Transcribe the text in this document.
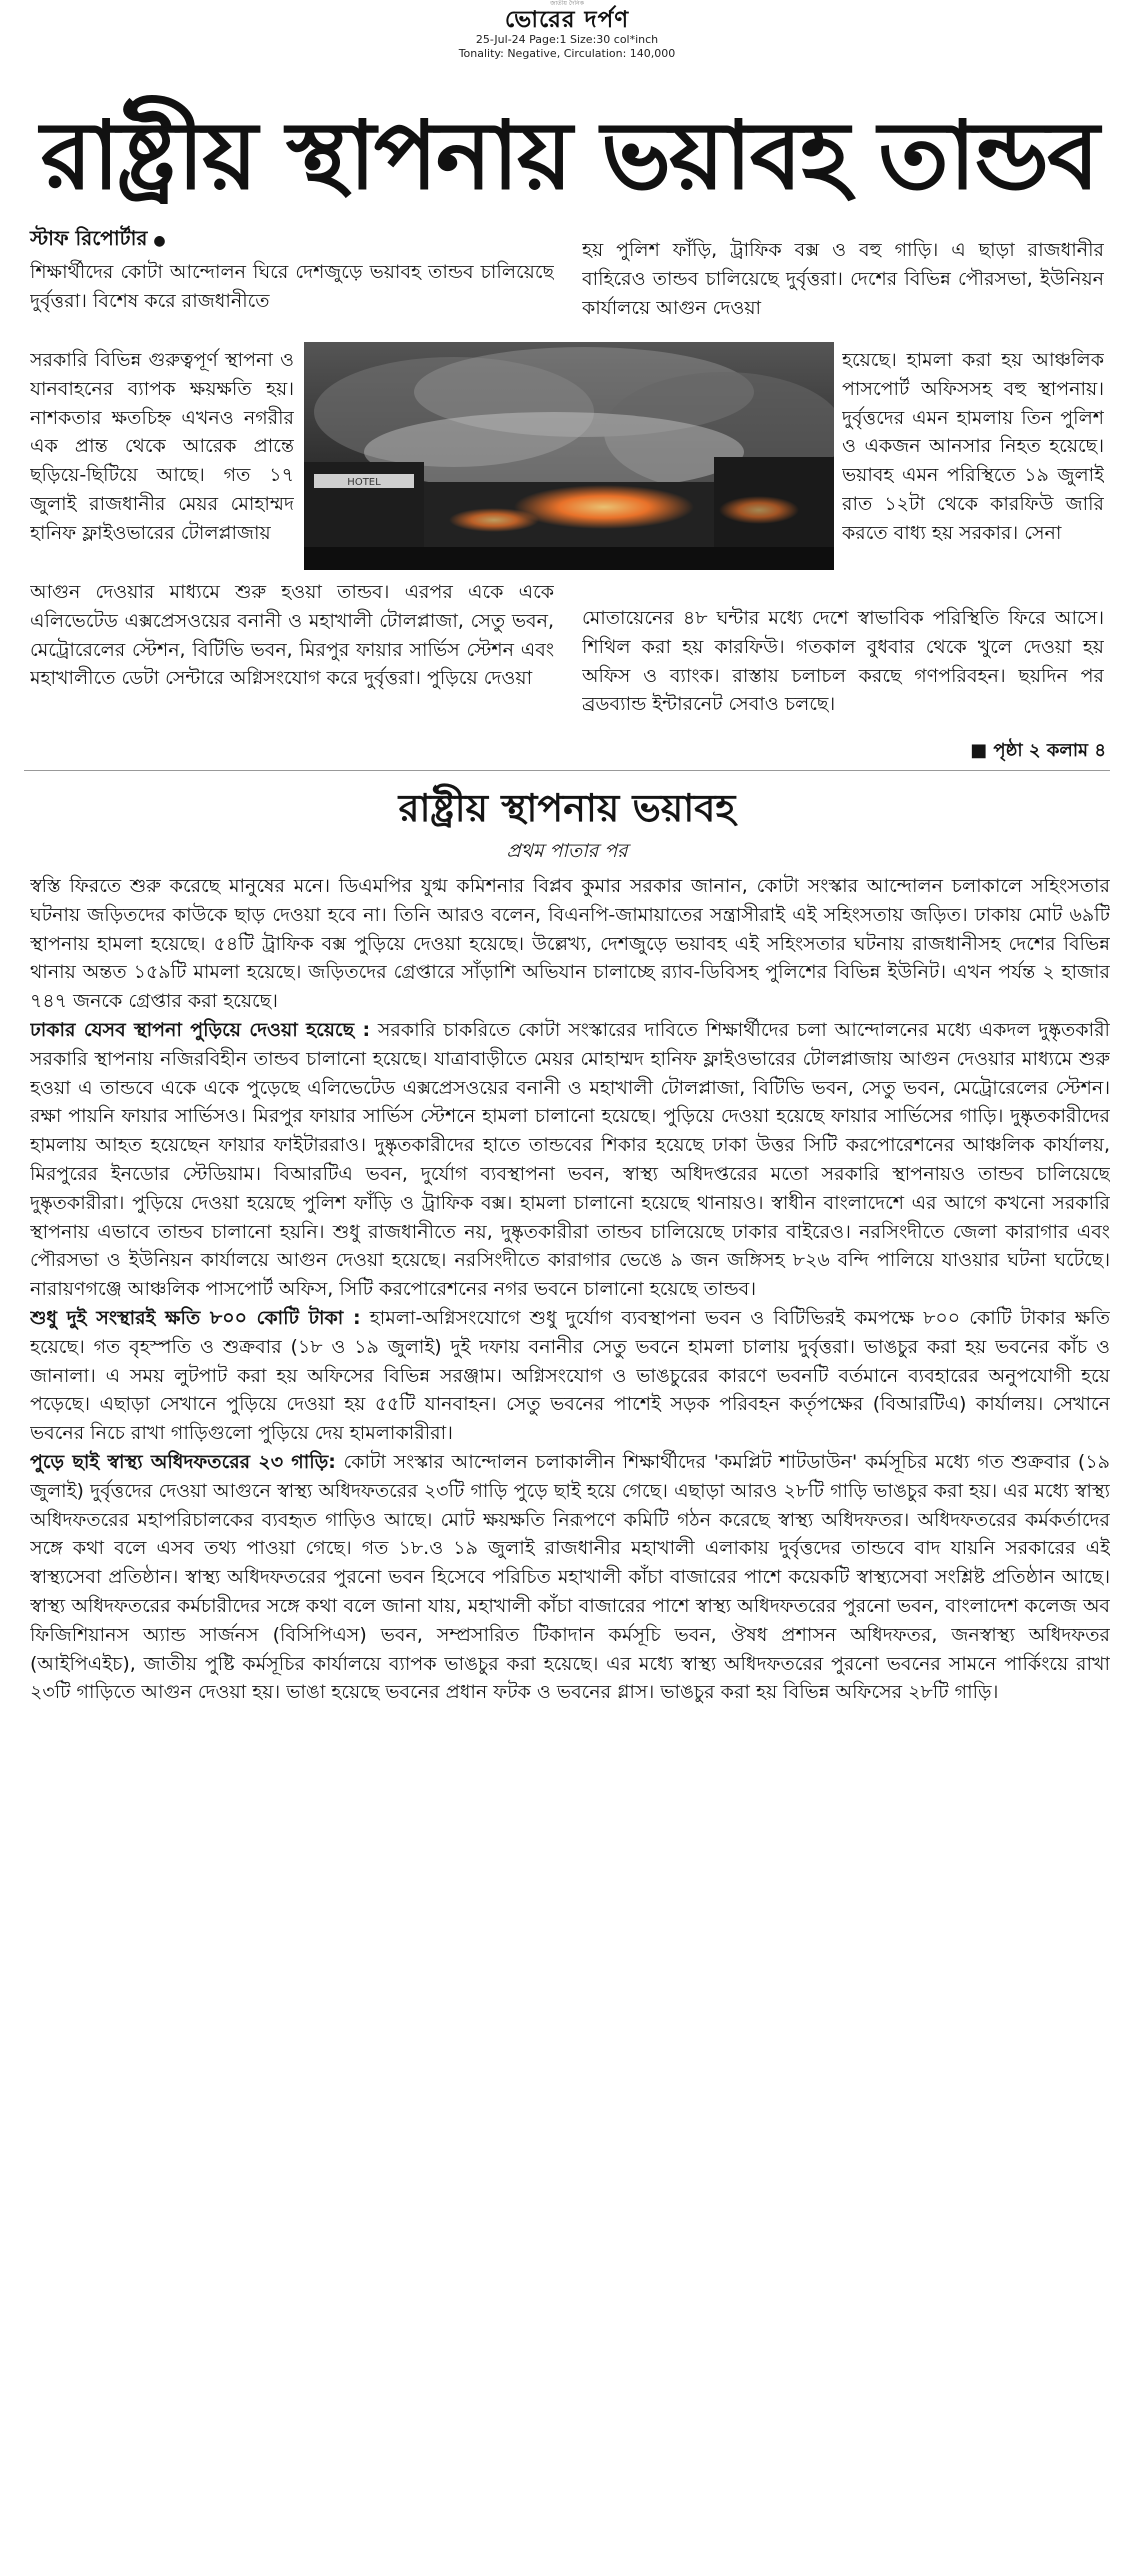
জাতীয় দৈনিক
ভোরের দর্পণ
25-Jul-24 Page:1 Size:30 col*inch
Tonality: Negative, Circulation: 140,000
রাষ্ট্রীয় স্থাপনায় ভয়াবহ তান্ডব
স্টাফ রিপোর্টার ●

শিক্ষার্থীদের কোটা আন্দোলন ঘিরে দেশজুড়ে ভয়াবহ তান্ডব চালিয়েছে দুর্বৃত্তরা। বিশেষ করে রাজধানীতে

সরকারি বিভিন্ন গুরুত্বপূর্ণ স্থাপনা ও যানবাহনের ব্যাপক ক্ষয়ক্ষতি হয়। নাশকতার ক্ষতচিহ্ন এখনও নগরীর এক প্রান্ত থেকে আরেক প্রান্তে ছড়িয়ে-ছিটিয়ে আছে। গত ১৭ জুলাই রাজধানীর মেয়র মোহাম্মদ হানিফ ফ্লাইওভারের টোলপ্লাজায়

HOTEL

হয় পুলিশ ফাঁড়ি, ট্রাফিক বক্স ও বহু গাড়ি। এ ছাড়া রাজধানীর বাহিরেও তান্ডব চালিয়েছে দুর্বৃত্তরা। দেশের বিভিন্ন পৌরসভা, ইউনিয়ন কার্যালয়ে আগুন দেওয়া

হয়েছে। হামলা করা হয় আঞ্চলিক পাসপোর্ট অফিসসহ বহু স্থাপনায়। দুর্বৃত্তদের এমন হামলায় তিন পুলিশ ও একজন আনসার নিহত হয়েছে। ভয়াবহ এমন পরিস্থিতে ১৯ জুলাই রাত ১২টা থেকে কারফিউ জারি করতে বাধ্য হয় সরকার। সেনা

আগুন দেওয়ার মাধ্যমে শুরু হওয়া তান্ডব। এরপর একে একে এলিভেটেড এক্সপ্রেসওয়ের বনানী ও মহাখালী টোলপ্লাজা, সেতু ভবন, মেট্রোরেলের স্টেশন, বিটিভি ভবন, মিরপুর ফায়ার সার্ভিস স্টেশন এবং মহাখালীতে ডেটা সেন্টারে অগ্নিসংযোগ করে দুর্বৃত্তরা। পুড়িয়ে দেওয়া

মোতায়েনের ৪৮ ঘন্টার মধ্যে দেশে স্বাভাবিক পরিস্থিতি ফিরে আসে। শিথিল করা হয় কারফিউ। গতকাল বুধবার থেকে খুলে দেওয়া হয় অফিস ও ব্যাংক। রাস্তায় চলাচল করছে গণপরিবহন। ছয়দিন পর ব্রডব্যান্ড ইন্টারনেট সেবাও চলছে।

■ পৃষ্ঠা ২ কলাম ৪
রাষ্ট্রীয় স্থাপনায় ভয়াবহ
প্রথম পাতার পর

স্বস্তি ফিরতে শুরু করেছে মানুষের মনে। ডিএমপির যুগ্ম কমিশনার বিপ্লব কুমার সরকার জানান, কোটা সংস্কার আন্দোলন চলাকালে সহিংসতার ঘটনায় জড়িতদের কাউকে ছাড় দেওয়া হবে না। তিনি আরও বলেন, বিএনপি-জামায়াতের সন্ত্রাসীরাই এই সহিংসতায় জড়িত। ঢাকায় মোট ৬৯টি স্থাপনায় হামলা হয়েছে। ৫৪টি ট্রাফিক বক্স পুড়িয়ে দেওয়া হয়েছে। উল্লেখ্য, দেশজুড়ে ভয়াবহ এই সহিংসতার ঘটনায় রাজধানীসহ দেশের বিভিন্ন থানায় অন্তত ১৫৯টি মামলা হয়েছে। জড়িতদের গ্রেপ্তারে সাঁড়াশি অভিযান চালাচ্ছে র‍্যাব-ডিবিসহ পুলিশের বিভিন্ন ইউনিট। এখন পর্যন্ত ২ হাজার ৭৪৭ জনকে গ্রেপ্তার করা হয়েছে।

ঢাকার যেসব স্থাপনা পুড়িয়ে দেওয়া হয়েছে : সরকারি চাকরিতে কোটা সংস্কারের দাবিতে শিক্ষার্থীদের চলা আন্দোলনের মধ্যে একদল দুষ্কৃতকারী সরকারি স্থাপনায় নজিরবিহীন তান্ডব চালানো হয়েছে। যাত্রাবাড়ীতে মেয়র মোহাম্মদ হানিফ ফ্লাইওভারের টোলপ্লাজায় আগুন দেওয়ার মাধ্যমে শুরু হওয়া এ তান্ডবে একে একে পুড়েছে এলিভেটেড এক্সপ্রেসওয়ের বনানী ও মহাখালী টোলপ্লাজা, বিটিভি ভবন, সেতু ভবন, মেট্রোরেলের স্টেশন। রক্ষা পায়নি ফায়ার সার্ভিসও। মিরপুর ফায়ার সার্ভিস স্টেশনে হামলা চালানো হয়েছে। পুড়িয়ে দেওয়া হয়েছে ফায়ার সার্ভিসের গাড়ি। দুষ্কৃতকারীদের হামলায় আহত হয়েছেন ফায়ার ফাইটাররাও। দুষ্কৃতকারীদের হাতে তান্ডবের শিকার হয়েছে ঢাকা উত্তর সিটি করপোরেশনের আঞ্চলিক কার্যালয়, মিরপুরের ইনডোর স্টেডিয়াম। বিআরটিএ ভবন, দুর্যোগ ব্যবস্থাপনা ভবন, স্বাস্থ্য অধিদপ্তরের মতো সরকারি স্থাপনায়ও তান্ডব চালিয়েছে দুষ্কৃতকারীরা। পুড়িয়ে দেওয়া হয়েছে পুলিশ ফাঁড়ি ও ট্রাফিক বক্স। হামলা চালানো হয়েছে থানায়ও। স্বাধীন বাংলাদেশে এর আগে কখনো সরকারি স্থাপনায় এভাবে তান্ডব চালানো হয়নি। শুধু রাজধানীতে নয়, দুষ্কৃতকারীরা তান্ডব চালিয়েছে ঢাকার বাইরেও। নরসিংদীতে জেলা কারাগার এবং পৌরসভা ও ইউনিয়ন কার্যালয়ে আগুন দেওয়া হয়েছে। নরসিংদীতে কারাগার ভেঙে ৯ জন জঙ্গিসহ ৮২৬ বন্দি পালিয়ে যাওয়ার ঘটনা ঘটেছে। নারায়ণগঞ্জে আঞ্চলিক পাসপোর্ট অফিস, সিটি করপোরেশনের নগর ভবনে চালানো হয়েছে তান্ডব।

শুধু দুই সংস্থারই ক্ষতি ৮০০ কোটি টাকা : হামলা-অগ্নিসংযোগে শুধু দুর্যোগ ব্যবস্থাপনা ভবন ও বিটিভিরই কমপক্ষে ৮০০ কোটি টাকার ক্ষতি হয়েছে। গত বৃহস্পতি ও শুক্রবার (১৮ ও ১৯ জুলাই) দুই দফায় বনানীর সেতু ভবনে হামলা চালায় দুর্বৃত্তরা। ভাঙচুর করা হয় ভবনের কাঁচ ও জানালা। এ সময় লুটপাট করা হয় অফিসের বিভিন্ন সরঞ্জাম। অগ্নিসংযোগ ও ভাঙচুরের কারণে ভবনটি বর্তমানে ব্যবহারের অনুপযোগী হয়ে পড়েছে। এছাড়া সেখানে পুড়িয়ে দেওয়া হয় ৫৫টি যানবাহন। সেতু ভবনের পাশেই সড়ক পরিবহন কর্তৃপক্ষের (বিআরটিএ) কার্যালয়। সেখানে ভবনের নিচে রাখা গাড়িগুলো পুড়িয়ে দেয় হামলাকারীরা।

পুড়ে ছাই স্বাস্থ্য অধিদফতরের ২৩ গাড়ি: কোটা সংস্কার আন্দোলন চলাকালীন শিক্ষার্থীদের 'কমপ্লিট শাটডাউন' কর্মসূচির মধ্যে গত শুক্রবার (১৯ জুলাই) দুর্বৃত্তদের দেওয়া আগুনে স্বাস্থ্য অধিদফতরের ২৩টি গাড়ি পুড়ে ছাই হয়ে গেছে। এছাড়া আরও ২৮টি গাড়ি ভাঙচুর করা হয়। এর মধ্যে স্বাস্থ্য অধিদফতরের মহাপরিচালকের ব্যবহৃত গাড়িও আছে। মোট ক্ষয়ক্ষতি নিরূপণে কমিটি গঠন করেছে স্বাস্থ্য অধিদফতর। অধিদফতরের কর্মকর্তাদের সঙ্গে কথা বলে এসব তথ্য পাওয়া গেছে। গত ১৮.ও ১৯ জুলাই রাজধানীর মহাখালী এলাকায় দুর্বৃত্তদের তান্ডবে বাদ যায়নি সরকারের এই স্বাস্থ্যসেবা প্রতিষ্ঠান। স্বাস্থ্য অধিদফতরের পুরনো ভবন হিসেবে পরিচিত মহাখালী কাঁচা বাজারের পাশে কয়েকটি স্বাস্থ্যসেবা সংশ্লিষ্ট প্রতিষ্ঠান আছে। স্বাস্থ্য অধিদফতরের কর্মচারীদের সঙ্গে কথা বলে জানা যায়, মহাখালী কাঁচা বাজারের পাশে স্বাস্থ্য অধিদফতরের পুরনো ভবন, বাংলাদেশ কলেজ অব ফিজিশিয়ানস অ্যান্ড সার্জনস (বিসিপিএস) ভবন, সম্প্রসারিত টিকাদান কর্মসূচি ভবন, ঔষধ প্রশাসন অধিদফতর, জনস্বাস্থ্য অধিদফতর (আইপিএইচ), জাতীয় পুষ্টি কর্মসূচির কার্যালয়ে ব্যাপক ভাঙচুর করা হয়েছে। এর মধ্যে স্বাস্থ্য অধিদফতরের পুরনো ভবনের সামনে পার্কিংয়ে রাখা ২৩টি গাড়িতে আগুন দেওয়া হয়। ভাঙা হয়েছে ভবনের প্রধান ফটক ও ভবনের গ্লাস। ভাঙচুর করা হয় বিভিন্ন অফিসের ২৮টি গাড়ি।
